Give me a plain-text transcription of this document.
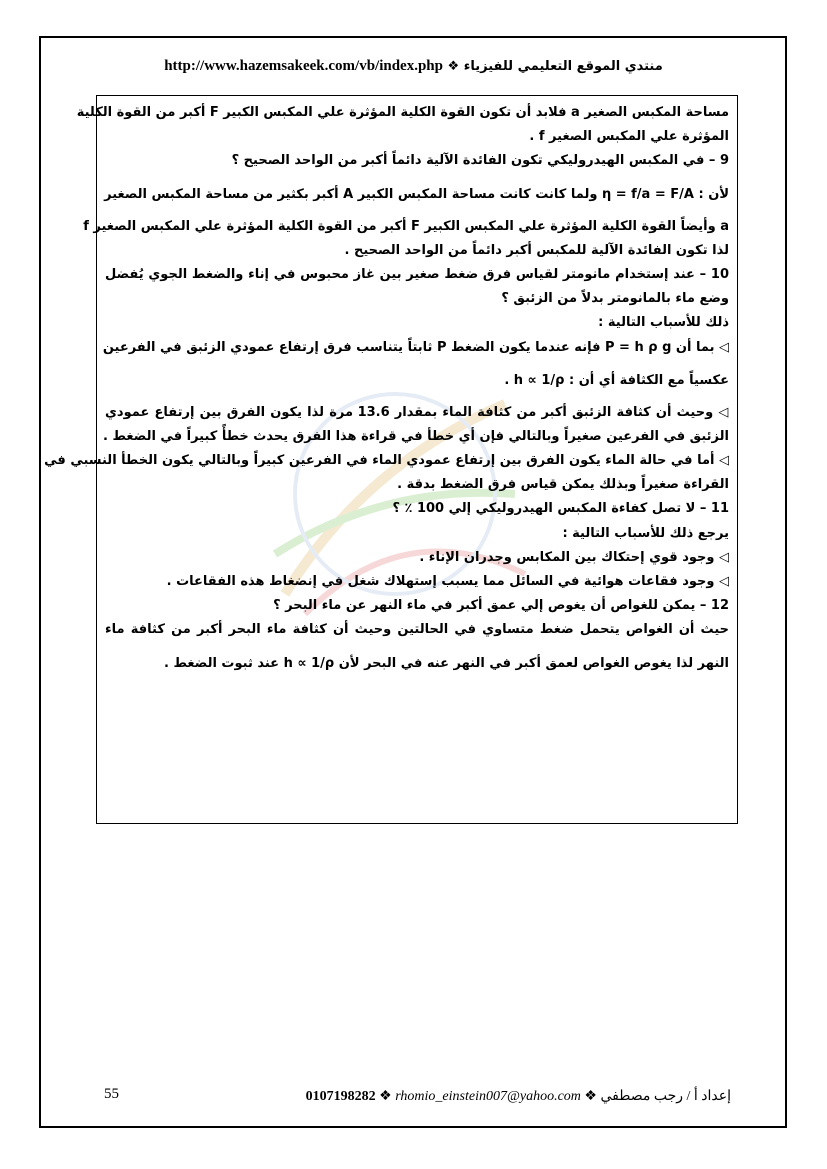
منتدي الموقع التعليمي للفيزياء ❖ http://www.hazemsakeek.com/vb/index.php
مساحة المكبس الصغير a فلابد أن تكون القوة الكلية المؤثرة علي المكبس الكبير F أكبر من القوة الكلية
المؤثرة علي المكبس الصغير f .
9 – في المكبس الهيدروليكي تكون الفائدة الآلية دائماً أكبر من الواحد الصحيح ؟
لأن : η = f/a = F/A ولما كانت كانت مساحة المكبس الكبير A أكبر بكثير من مساحة المكبس الصغير
a وأيضاً القوة الكلية المؤثرة علي المكبس الكبير F أكبر من القوة الكلية المؤثرة علي المكبس الصغير f
لذا تكون الفائدة الآلية للمكبس أكبر دائماً من الواحد الصحيح .
10 – عند إستخدام مانومتر لقياس فرق ضغط صغير بين غاز محبوس في إناء والضغط الجوي يُفضل
وضع ماء بالمانومتر بدلاً من الزئبق ؟
ذلك للأسباب التالية :
◁ بما أن P = h ρ g فإنه عندما يكون الضغط P ثابتاً يتناسب فرق إرتفاع عمودي الزئبق في الفرعين
عكسياً مع الكثافة أي أن : h ∝ 1/ρ .
◁ وحيث أن كثافة الزئبق أكبر من كثافة الماء بمقدار 13.6 مرة لذا يكون الفرق بين إرتفاع عمودي
الزئبق في الفرعين صغيراً وبالتالي فإن أي خطأ في قراءة هذا الفرق يحدث خطأً كبيراً في الضغط .
◁ أما في حالة الماء يكون الفرق بين إرتفاع عمودي الماء في الفرعين كبيراً وبالتالي يكون الخطأ النسبي في
القراءة صغيراً وبذلك يمكن قياس فرق الضغط بدقة .
11 – لا تصل كفاءة المكبس الهيدروليكي إلي 100 ٪ ؟
يرجع ذلك للأسباب التالية :
◁ وجود قوي إحتكاك بين المكابس وجدران الإناء .
◁ وجود فقاعات هوائية في السائل مما يسبب إستهلاك شغل في إنضغاط هذه الفقاعات .
12 – يمكن للغواص أن يغوص إلي عمق أكبر في ماء النهر عن ماء البحر ؟
حيث أن الغواص يتحمل ضغط متساوي في الحالتين وحيث أن كثافة ماء البحر أكبر من كثافة ماء
النهر لذا يغوص الغواص لعمق أكبر في النهر عنه في البحر لأن h ∝ 1/ρ عند ثبوت الضغط .
55	إعداد أ / رجب مصطفي ❖ 0107198282 ❖ rhomio_einstein007@yahoo.com
